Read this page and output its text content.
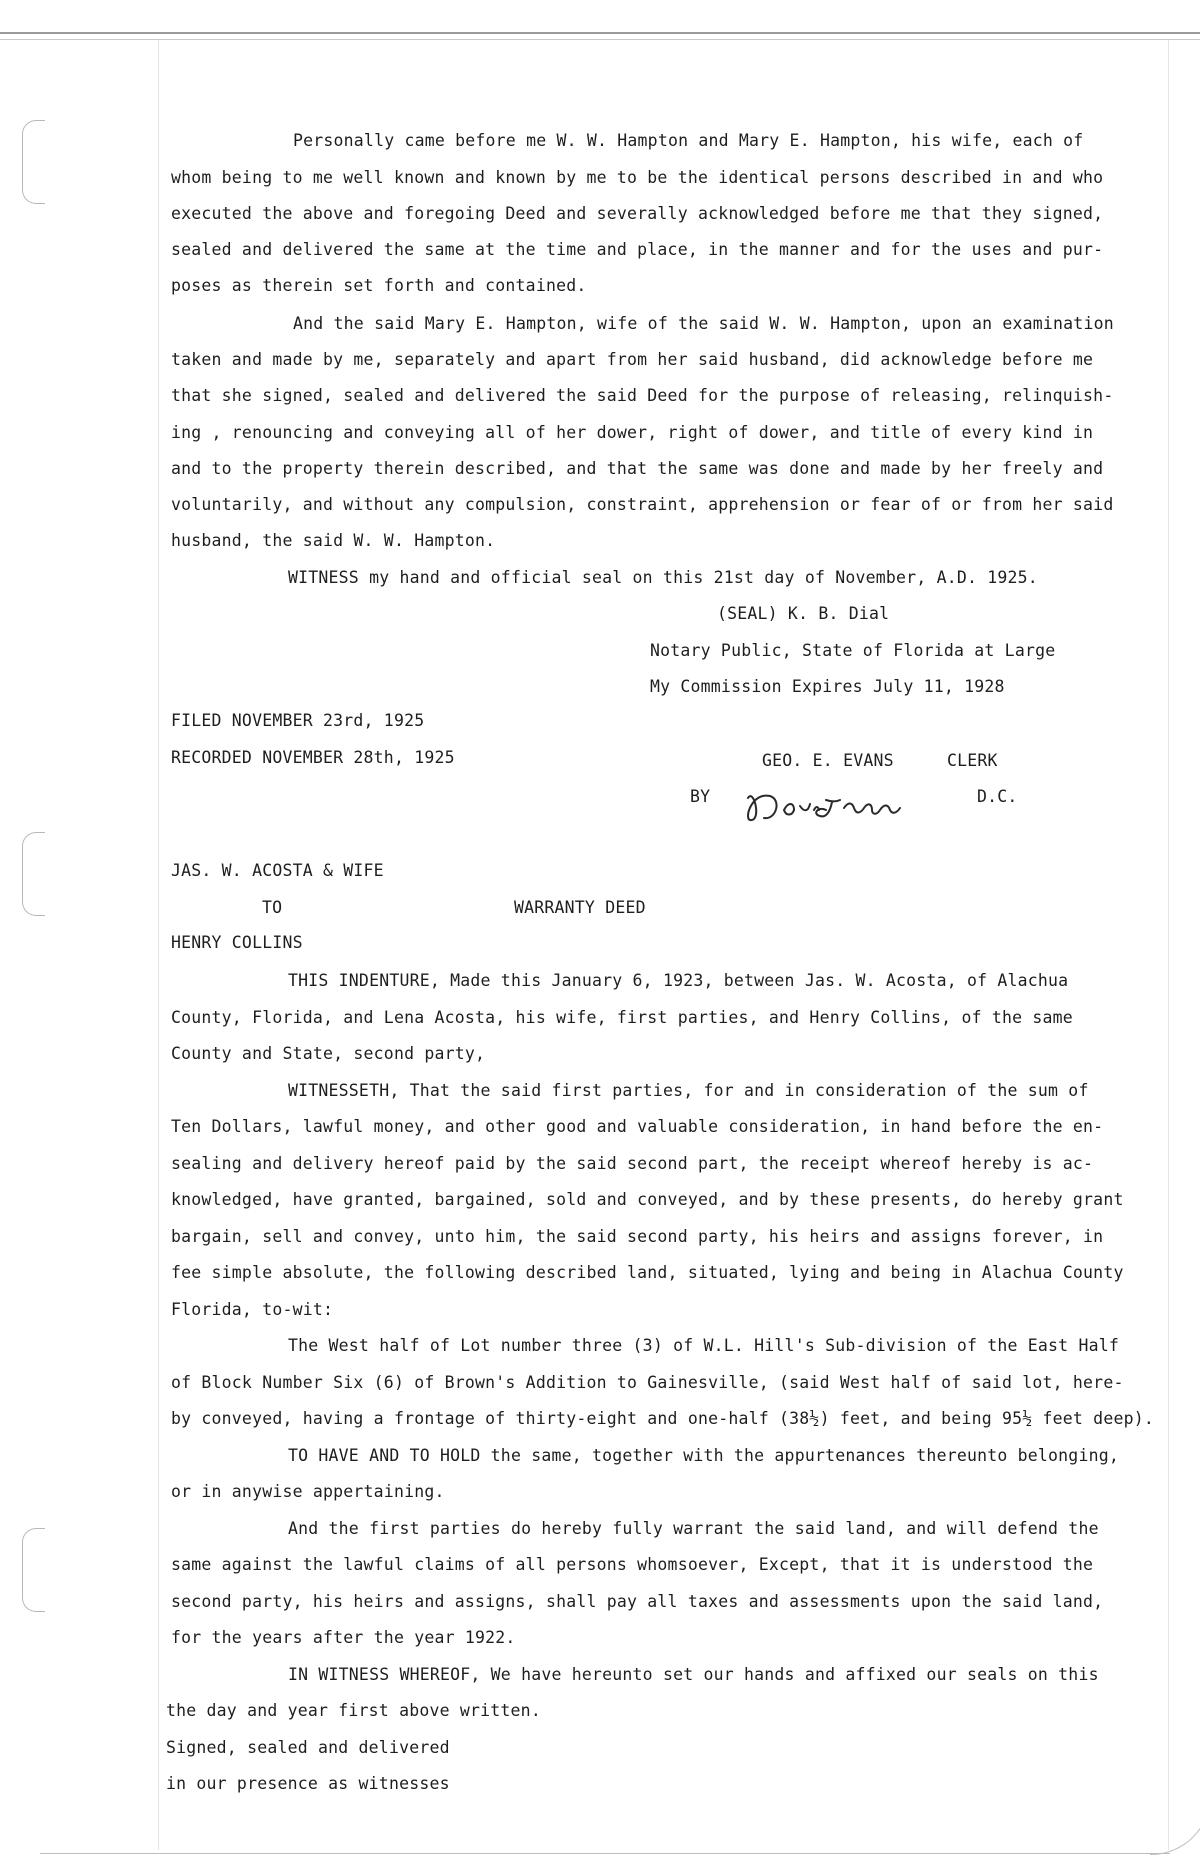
Personally came before me W. W. Hampton and Mary E. Hampton, his wife, each of
whom being to me well known and known by me to be the identical persons described in and who
executed the above and foregoing Deed and severally acknowledged before me that they signed,
sealed and delivered the same at the time and place, in the manner and for the uses and pur-
poses as therein set forth and contained.
And the said Mary E. Hampton, wife of the said W. W. Hampton, upon an examination
taken and made by me, separately and apart from her said husband, did acknowledge before me
that she signed, sealed and delivered the said Deed for the purpose of releasing, relinquish-
ing , renouncing and conveying all of her dower, right of dower, and title of every kind in
and to the property therein described, and that the same was done and made by her freely and
voluntarily, and without any compulsion, constraint, apprehension or fear of or from her said
husband, the said W. W. Hampton.
WITNESS my hand and official seal on this 21st day of November, A.D. 1925.
(SEAL) K. B. Dial
Notary Public, State of Florida at Large
My Commission Expires July 11, 1928
FILED NOVEMBER 23rd, 1925
RECORDED NOVEMBER 28th, 1925	GEO. E. EVANS	CLERK
BY	D.C.
JAS. W. ACOSTA & WIFE
TO	WARRANTY DEED
HENRY COLLINS
THIS INDENTURE, Made this January 6, 1923, between Jas. W. Acosta, of Alachua
County, Florida, and Lena Acosta, his wife, first parties, and Henry Collins, of the same
County and State, second party,
WITNESSETH, That the said first parties, for and in consideration of the sum of
Ten Dollars, lawful money, and other good and valuable consideration, in hand before the en-
sealing and delivery hereof paid by the said second part, the receipt whereof hereby is ac-
knowledged, have granted, bargained, sold and conveyed, and by these presents, do hereby grant
bargain, sell and convey, unto him, the said second party, his heirs and assigns forever, in
fee simple absolute, the following described land, situated, lying and being in Alachua County
Florida, to-wit:
The West half of Lot number three (3) of W.L. Hill's Sub-division of the East Half
of Block Number Six (6) of Brown's Addition to Gainesville, (said West half of said lot, here-
by conveyed, having a frontage of thirty-eight and one-half (38½) feet, and being 95½ feet deep).
TO HAVE AND TO HOLD the same, together with the appurtenances thereunto belonging,
or in anywise appertaining.
And the first parties do hereby fully warrant the said land, and will defend the
same against the lawful claims of all persons whomsoever, Except, that it is understood the
second party, his heirs and assigns, shall pay all taxes and assessments upon the said land,
for the years after the year 1922.
IN WITNESS WHEREOF, We have hereunto set our hands and affixed our seals on this
the day and year first above written.
Signed, sealed and delivered
in our presence as witnesses
